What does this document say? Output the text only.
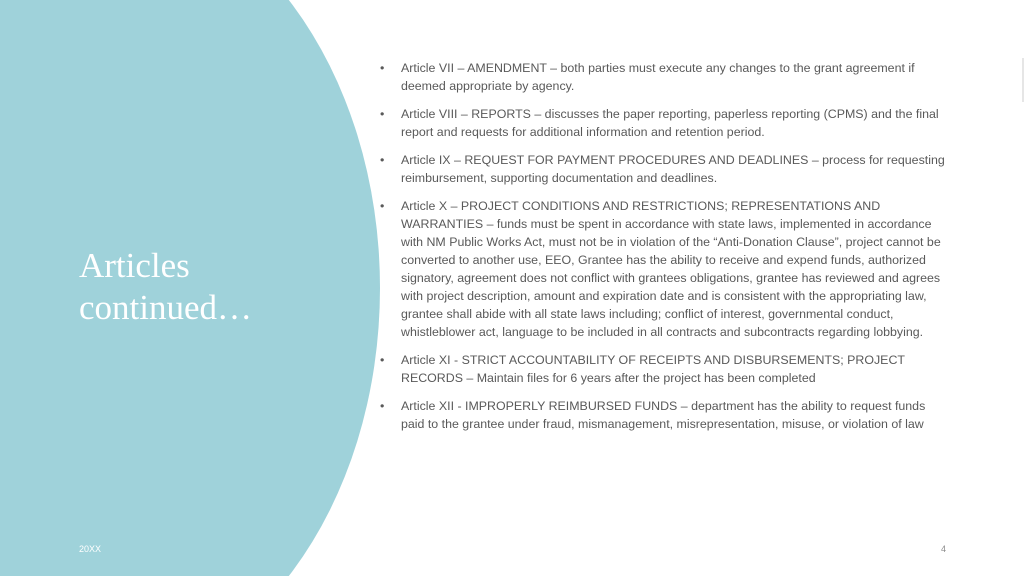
Articles continued…
• Article VII – AMENDMENT – both parties must execute any changes to the grant agreement if deemed appropriate by agency.
• Article VIII – REPORTS – discusses the paper reporting, paperless reporting (CPMS) and the final report and requests for additional information and retention period.
• Article IX – REQUEST FOR PAYMENT PROCEDURES AND DEADLINES – process for requesting reimbursement, supporting documentation and deadlines.
• Article X – PROJECT CONDITIONS AND RESTRICTIONS; REPRESENTATIONS AND WARRANTIES – funds must be spent in accordance with state laws, implemented in accordance with NM Public Works Act, must not be in violation of the “Anti-Donation Clause”, project cannot be converted to another use, EEO, Grantee has the ability to receive and expend funds, authorized signatory, agreement does not conflict with grantees obligations, grantee has reviewed and agrees with project description, amount and expiration date and is consistent with the appropriating law, grantee shall abide with all state laws including; conflict of interest, governmental conduct, whistleblower act, language to be included in all contracts and subcontracts regarding lobbying.
• Article XI - STRICT ACCOUNTABILITY OF RECEIPTS AND DISBURSEMENTS; PROJECT RECORDS – Maintain files for 6 years after the project has been completed
• Article XII - IMPROPERLY REIMBURSED FUNDS – department has the ability to request funds paid to the grantee under fraud, mismanagement, misrepresentation, misuse, or violation of law
20XX	4
